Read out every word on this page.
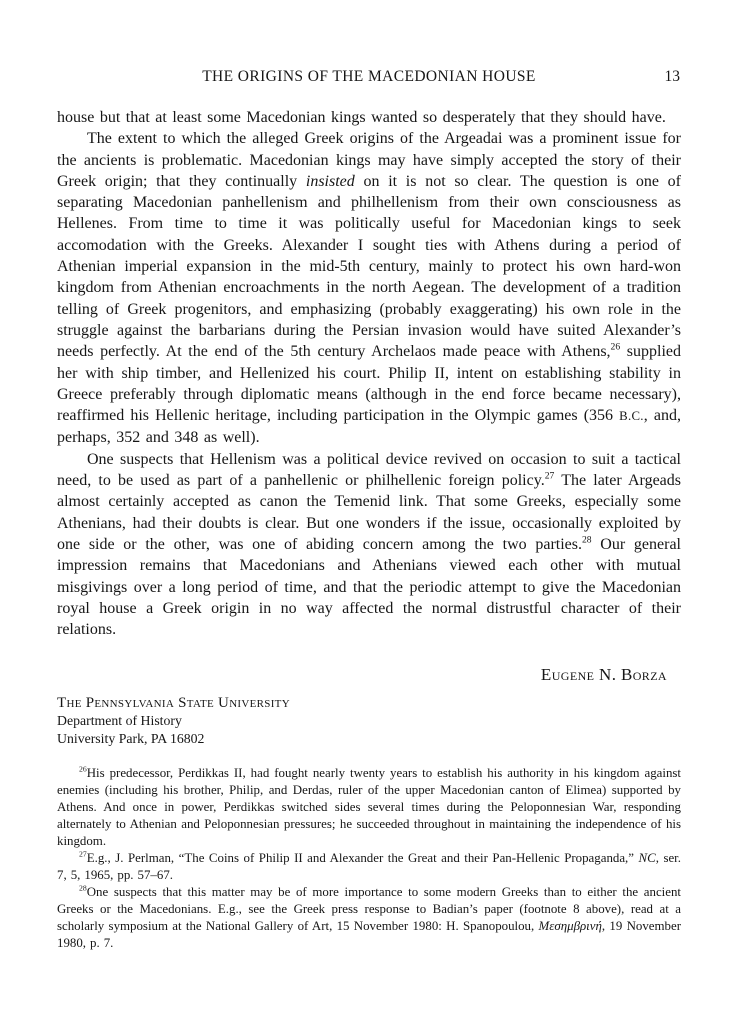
THE ORIGINS OF THE MACEDONIAN HOUSE	13

house but that at least some Macedonian kings wanted so desperately that they should have.

The extent to which the alleged Greek origins of the Argeadai was a prominent issue for the ancients is problematic. Macedonian kings may have simply accepted the story of their Greek origin; that they continually insisted on it is not so clear. The question is one of separating Macedonian panhellenism and philhellenism from their own consciousness as Hellenes. From time to time it was politically useful for Macedonian kings to seek accomodation with the Greeks. Alexander I sought ties with Athens during a period of Athenian imperial expansion in the mid-5th century, mainly to protect his own hard-won kingdom from Athenian encroachments in the north Aegean. The development of a tradition telling of Greek progenitors, and emphasizing (probably exaggerating) his own role in the struggle against the barbarians during the Persian invasion would have suited Alexander’s needs perfectly. At the end of the 5th century Archelaos made peace with Athens,$^{26}$ supplied her with ship timber, and Hellenized his court. Philip II, intent on establishing stability in Greece preferably through diplomatic means (although in the end force became necessary), reaffirmed his Hellenic heritage, including participation in the Olympic games (356 B.C., and, perhaps, 352 and 348 as well).

One suspects that Hellenism was a political device revived on occasion to suit a tactical need, to be used as part of a panhellenic or philhellenic foreign policy.$^{27}$ The later Argeads almost certainly accepted as canon the Temenid link. That some Greeks, especially some Athenians, had their doubts is clear. But one wonders if the issue, occasionally exploited by one side or the other, was one of abiding concern among the two parties.$^{28}$ Our general impression remains that Macedonians and Athenians viewed each other with mutual misgivings over a long period of time, and that the periodic attempt to give the Macedonian royal house a Greek origin in no way affected the normal distrustful character of their relations.

Eugene N. Borza
The Pennsylvania State University
Department of History
University Park, PA 16802

$^{26}$His predecessor, Perdikkas II, had fought nearly twenty years to establish his authority in his kingdom against enemies (including his brother, Philip, and Derdas, ruler of the upper Macedonian canton of Elimea) supported by Athens. And once in power, Perdikkas switched sides several times during the Peloponnesian War, responding alternately to Athenian and Peloponnesian pressures; he succeeded throughout in maintaining the independence of his kingdom.

$^{27}$E.g., J. Perlman, “The Coins of Philip II and Alexander the Great and their Pan-Hellenic Propaganda,” NC, ser. 7, 5, 1965, pp. 57–67.

$^{28}$One suspects that this matter may be of more importance to some modern Greeks than to either the ancient Greeks or the Macedonians. E.g., see the Greek press response to Badian’s paper (footnote 8 above), read at a scholarly symposium at the National Gallery of Art, 15 November 1980: H. Spanopoulou, Μεσημβρινή, 19 November 1980, p. 7.
